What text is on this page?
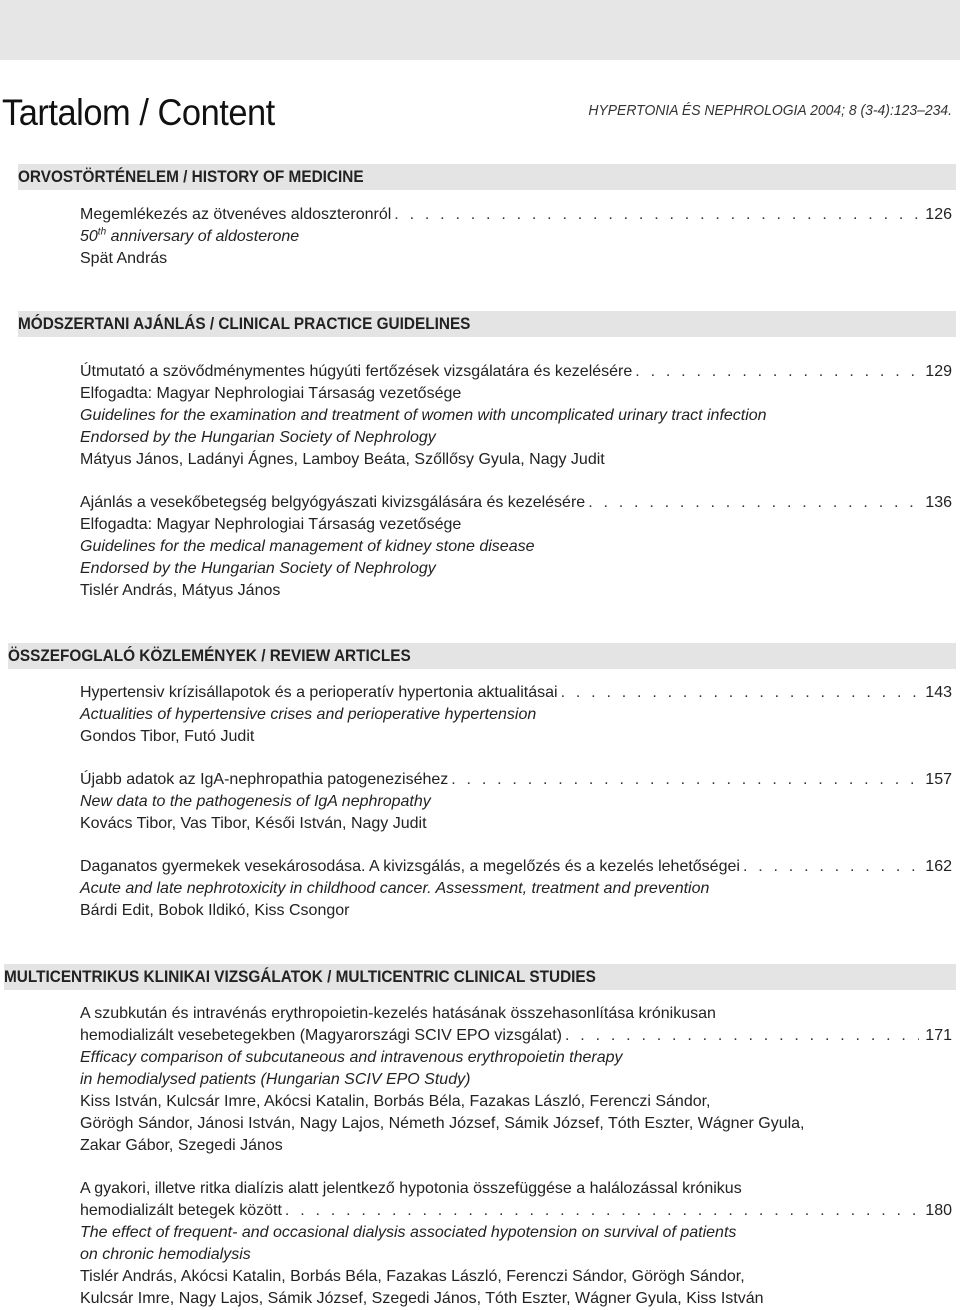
Tartalom / Content	HYPERTONIA ÉS NEPHROLOGIA 2004; 8 (3-4):123–234.
ORVOSTÖRTÉNELEM / HISTORY OF MEDICINE
Megemlékezés az ötvenéves aldoszteronról . . .	126
50th anniversary of aldosterone
Spät András
MÓDSZERTANI AJÁNLÁS / CLINICAL PRACTICE GUIDELINES
Útmutató a szövődménymentes húgyúti fertőzések vizsgálatára és kezelésére . . .	129
Elfogadta: Magyar Nephrologiai Társaság vezetősége
Guidelines for the examination and treatment of women with uncomplicated urinary tract infection
Endorsed by the Hungarian Society of Nephrology
Mátyus János, Ladányi Ágnes, Lamboy Beáta, Szőllősy Gyula, Nagy Judit
Ajánlás a vesekőbetegség belgyógyászati kivizsgálására és kezelésére . . .	136
Elfogadta: Magyar Nephrologiai Társaság vezetősége
Guidelines for the medical management of kidney stone disease
Endorsed by the Hungarian Society of Nephrology
Tislér András, Mátyus János
ÖSSZEFOGLALÓ KÖZLEMÉNYEK / REVIEW ARTICLES
Hypertensiv krízisállapotok és a perioperatív hypertonia aktualitásai . . .	143
Actualities of hypertensive crises and perioperative hypertension
Gondos Tibor, Futó Judit
Újabb adatok az IgA-nephropathia patogeneziséhez . . .	157
New data to the pathogenesis of IgA nephropathy
Kovács Tibor, Vas Tibor, Késői István, Nagy Judit
Daganatos gyermekek vesekárosodása. A kivizsgálás, a megelőzés és a kezelés lehetőségei . . .	162
Acute and late nephrotoxicity in childhood cancer. Assessment, treatment and prevention
Bárdi Edit, Bobok Ildikó, Kiss Csongor
MULTICENTRIKUS KLINIKAI VIZSGÁLATOK / MULTICENTRIC CLINICAL STUDIES
A szubkután és intravénás erythropoietin-kezelés hatásának összehasonlítása krónikusan
hemodializált vesebetegekben (Magyarországi SCIV EPO vizsgálat) . . .	171
Efficacy comparison of subcutaneous and intravenous erythropoietin therapy
in hemodialysed patients (Hungarian SCIV EPO Study)
Kiss István, Kulcsár Imre, Akócsi Katalin, Borbás Béla, Fazakas László, Ferenczi Sándor,
Görögh Sándor, Jánosi István, Nagy Lajos, Németh József, Sámik József, Tóth Eszter, Wágner Gyula,
Zakar Gábor, Szegedi János
A gyakori, illetve ritka dialízis alatt jelentkező hypotonia összefüggése a halálozással krónikus
hemodializált betegek között . . .	180
The effect of frequent- and occasional dialysis associated hypotension on survival of patients
on chronic hemodialysis
Tislér András, Akócsi Katalin, Borbás Béla, Fazakas László, Ferenczi Sándor, Görögh Sándor,
Kulcsár Imre, Nagy Lajos, Sámik József, Szegedi János, Tóth Eszter, Wágner Gyula, Kiss István
